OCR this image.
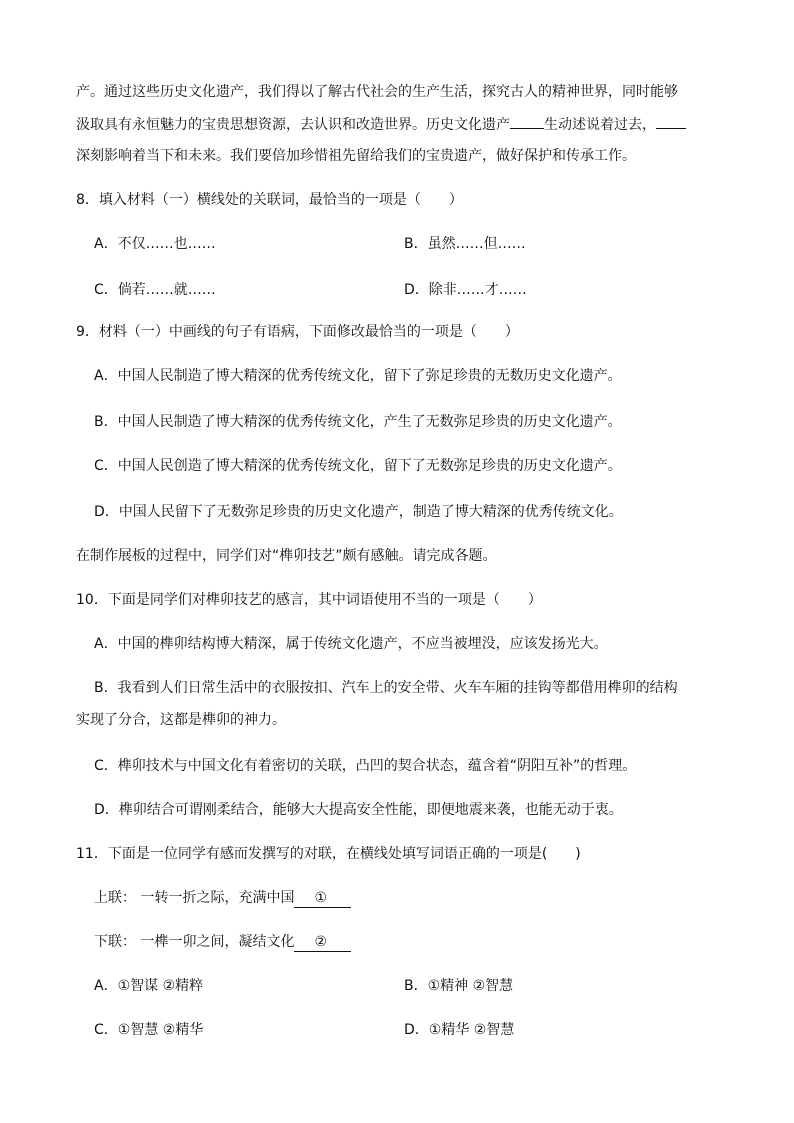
产。通过这些历史文化遗产，我们得以了解古代社会的生产生活，探究古人的精神世界，同时能够
汲取具有永恒魅力的宝贵思想资源，去认识和改造世界。历史文化遗产 生动述说着过去，
深刻影响着当下和未来。我们要倍加珍惜祖先留给我们的宝贵遗产，做好保护和传承工作。
8．填入材料（一）横线处的关联词，最恰当的一项是（　　）
A．不仅……也……	B．虽然……但……
C．倘若……就……	D．除非……才……
9．材料（一）中画线的句子有语病，下面修改最恰当的一项是（　　）
A．中国人民制造了博大精深的优秀传统文化，留下了弥足珍贵的无数历史文化遗产。
B．中国人民制造了博大精深的优秀传统文化，产生了无数弥足珍贵的历史文化遗产。
C．中国人民创造了博大精深的优秀传统文化，留下了无数弥足珍贵的历史文化遗产。
D．中国人民留下了无数弥足珍贵的历史文化遗产，制造了博大精深的优秀传统文化。
在制作展板的过程中，同学们对“榫卯技艺”颇有感触。请完成各题。
10．下面是同学们对榫卯技艺的感言，其中词语使用不当的一项是（　　）
A．中国的榫卯结构博大精深，属于传统文化遗产，不应当被埋没，应该发扬光大。
B．我看到人们日常生活中的衣服按扣、汽车上的安全带、火车车厢的挂钩等都借用榫卯的结构
实现了分合，这都是榫卯的神力。
C．榫卯技术与中国文化有着密切的关联，凸凹的契合状态，蕴含着“阴阳互补”的哲理。
D．榫卯结合可谓刚柔结合，能够大大提高安全性能，即便地震来袭，也能无动于衷。
11．下面是一位同学有感而发撰写的对联，在横线处填写词语正确的一项是(　　)
上联： 一转一折之际，充满中国 ①
下联： 一榫一卯之间，凝结文化 ②
A．①智谋 ②精粹	B．①精神 ②智慧
C．①智慧 ②精华	D．①精华 ②智慧
